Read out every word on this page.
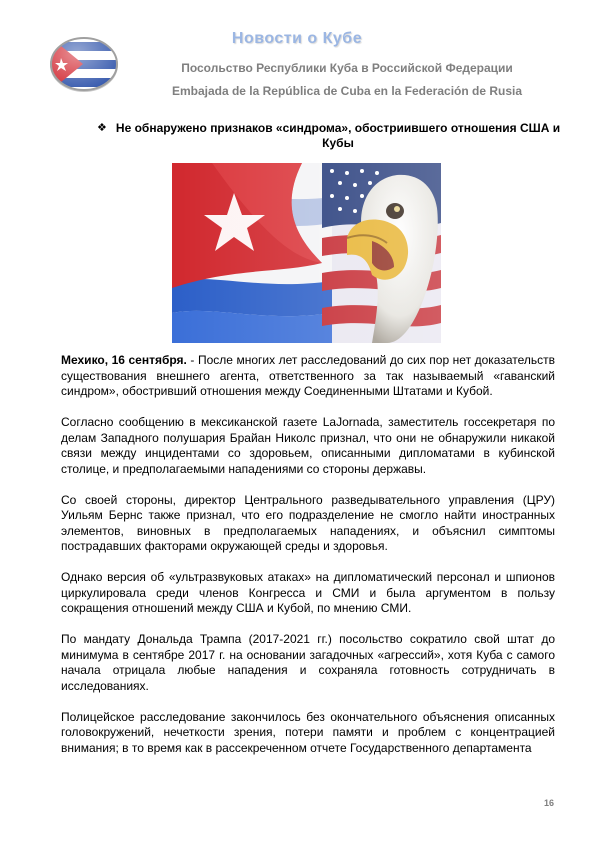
Новости о Кубе
Посольство Республики Куба в Российской Федерации
Embajada de la República de Cuba en la Federación de Rusia
❖ Не обнаружено признаков «синдрома», обостриившего отношения США и Кубы

Мехико, 16 сентября. - После многих лет расследований до сих пор нет доказательств существования внешнего агента, ответственного за так называемый «гаванский синдром», обостривший отношения между Соединенными Штатами и Кубой.

Согласно сообщению в мексиканской газете LaJornada, заместитель госсекретаря по делам Западного полушария Брайан Николс признал, что они не обнаружили никакой связи между инцидентами со здоровьем, описанными дипломатами в кубинской столице, и предполагаемыми нападениями со стороны державы.

Со своей стороны, директор Центрального разведывательного управления (ЦРУ) Уильям Бернс также признал, что его подразделение не смогло найти иностранных элементов, виновных в предполагаемых нападениях, и объяснил симптомы пострадавших факторами окружающей среды и здоровья.

Однако версия об «ультразвуковых атаках» на дипломатический персонал и шпионов циркулировала среди членов Конгресса и СМИ и была аргументом в пользу сокращения отношений между США и Кубой, по мнению СМИ.

По мандату Дональда Трампа (2017-2021 гг.) посольство сократило свой штат до минимума в сентябре 2017 г. на основании загадочных «агрессий», хотя Куба с самого начала отрицала любые нападения и сохраняла готовность сотрудничать в исследованиях.

Полицейское расследование закончилось без окончательного объяснения описанных головокружений, нечеткости зрения, потери памяти и проблем с концентрацией внимания; в то время как в рассекреченном отчете Государственного департамента

16
